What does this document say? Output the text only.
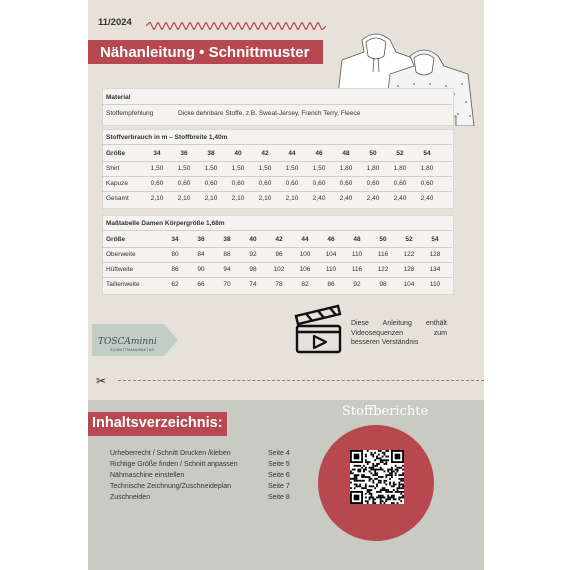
11/2024
Nähanleitung • Schnittmuster
Material
Stoffempfehlung	Dicke dehnbare Stoffe, z.B. Sweat-Jersey, French Terry, Fleece
Stoffverbrauch in m – Stoffbreite 1,40m
Maßtabelle Damen Körpergröße 1,68m
TOSCAminni
SCHNITTMANUFAKTUR
Diese Anleitung enthält Videosequenzen zum besseren Verständnis
✂
Inhaltsverzeichnis:
Urheberrecht / Schnitt Drucken /kleben	Seite 4
Richtige Größe finden / Schnitt anpassen	Seite 5
Nähmaschine einstellen	Seite 6
Technische Zeichnung/Zuschneideplan	Seite 7
Zuschneiden	Seite 8
Stoffberichte
Größe	34	36	38	40	42	44	46	48	50	52	54
Shirt	1,50	1,50	1,50	1,50	1,50	1,50	1,50	1,80	1,80	1,80	1,80
Kapuze	0,60	0,60	0,60	0,60	0,60	0,60	0,60	0,60	0,60	0,60	0,60
Gesamt	2,10	2,10	2,10	2,10	2,10	2,10	2,40	2,40	2,40	2,40	2,40
Größe	34	36	38	40	42	44	46	48	50	52	54
Oberweite	80	84	88	92	96	100	104	110	116	122	128
Hüftweite	86	90	94	98	102	106	110	116	122	128	134
Taillenweite	62	66	70	74	78	82	86	92	98	104	110
